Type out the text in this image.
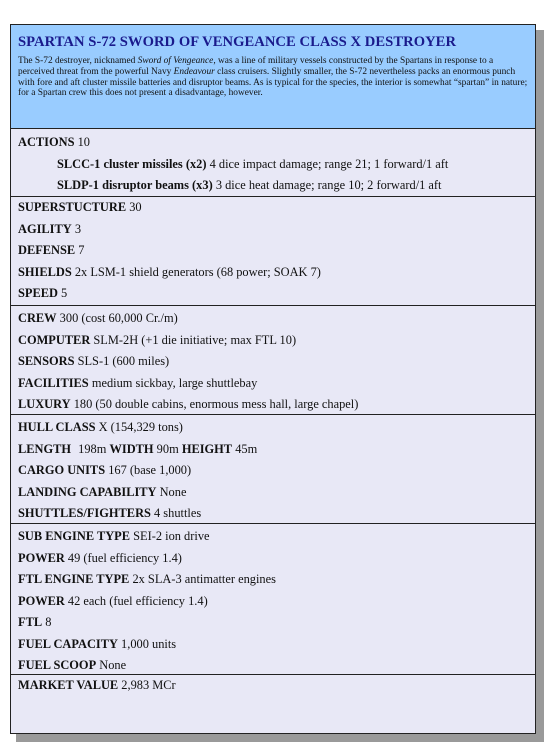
SPARTAN S-72 SWORD OF VENGEANCE CLASS X DESTROYER

The S-72 destroyer, nicknamed Sword of Vengeance, was a line of military vessels constructed by the Spartans in response to a perceived threat from the powerful Navy Endeavour class cruisers. Slightly smaller, the S-72 nevertheless packs an enormous punch with fore and aft cluster missile batteries and disruptor beams. As is typical for the species, the interior is somewhat “spartan” in nature; for a Spartan crew this does not present a disadvantage, however.

ACTIONS 10
SLCC-1 cluster missiles (x2) 4 dice impact damage; range 21; 1 forward/1 aft
SLDP-1 disruptor beams (x3) 3 dice heat damage; range 10; 2 forward/1 aft
SUPERSTUCTURE 30
AGILITY 3
DEFENSE 7
SHIELDS 2x LSM-1 shield generators (68 power; SOAK 7)
SPEED 5
CREW 300 (cost 60,000 Cr./m)
COMPUTER SLM-2H (+1 die initiative; max FTL 10)
SENSORS SLS-1 (600 miles)
FACILITIES medium sickbay, large shuttlebay
LUXURY 180 (50 double cabins, enormous mess hall, large chapel)
HULL CLASS X (154,329 tons)
LENGTH 198m WIDTH 90m HEIGHT 45m
CARGO UNITS 167 (base 1,000)
LANDING CAPABILITY None
SHUTTLES/FIGHTERS 4 shuttles
SUB ENGINE TYPE SEI-2 ion drive
POWER 49 (fuel efficiency 1.4)
FTL ENGINE TYPE 2x SLA-3 antimatter engines
POWER 42 each (fuel efficiency 1.4)
FTL 8
FUEL CAPACITY 1,000 units
FUEL SCOOP None
MARKET VALUE 2,983 MCr
